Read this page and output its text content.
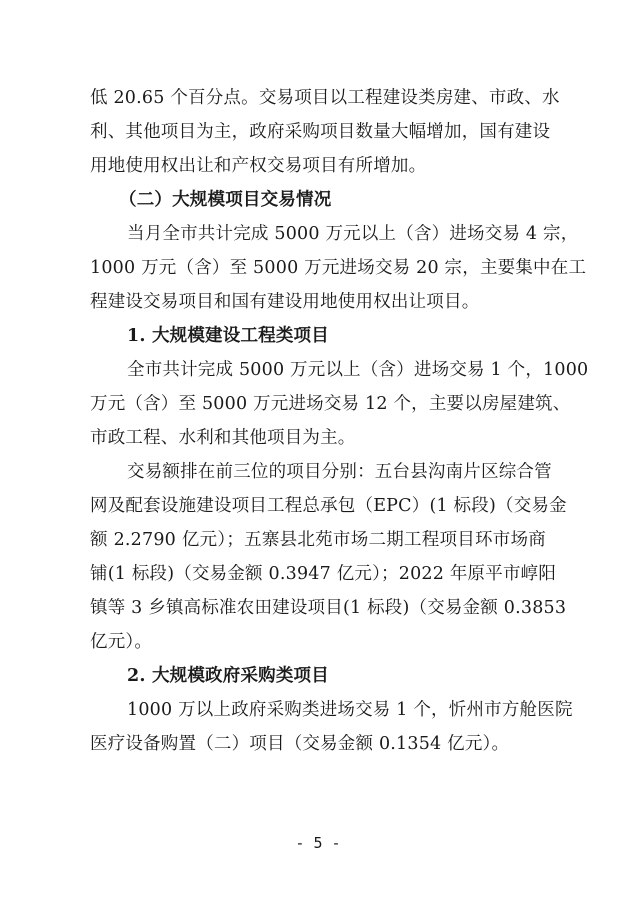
低 20.65 个百分点。交易项目以工程建设类房建、市政、水
利、其他项目为主，政府采购项目数量大幅增加，国有建设
用地使用权出让和产权交易项目有所增加。
（二）大规模项目交易情况
当月全市共计完成 5000 万元以上（含）进场交易 4 宗，
1000 万元（含）至 5000 万元进场交易 20 宗，主要集中在工
程建设交易项目和国有建设用地使用权出让项目。
1. 大规模建设工程类项目
全市共计完成 5000 万元以上（含）进场交易 1 个，1000
万元（含）至 5000 万元进场交易 12 个，主要以房屋建筑、
市政工程、水利和其他项目为主。
交易额排在前三位的项目分别：五台县沟南片区综合管
网及配套设施建设项目工程总承包（EPC）(1 标段)（交易金
额 2.2790 亿元）；五寨县北苑市场二期工程项目环市场商
铺(1 标段)（交易金额 0.3947 亿元）；2022 年原平市崞阳
镇等 3 乡镇高标准农田建设项目(1 标段)（交易金额 0.3853
亿元）。
2. 大规模政府采购类项目
1000 万以上政府采购类进场交易 1 个，忻州市方舱医院
医疗设备购置（二）项目（交易金额 0.1354 亿元）。
- 5 -
